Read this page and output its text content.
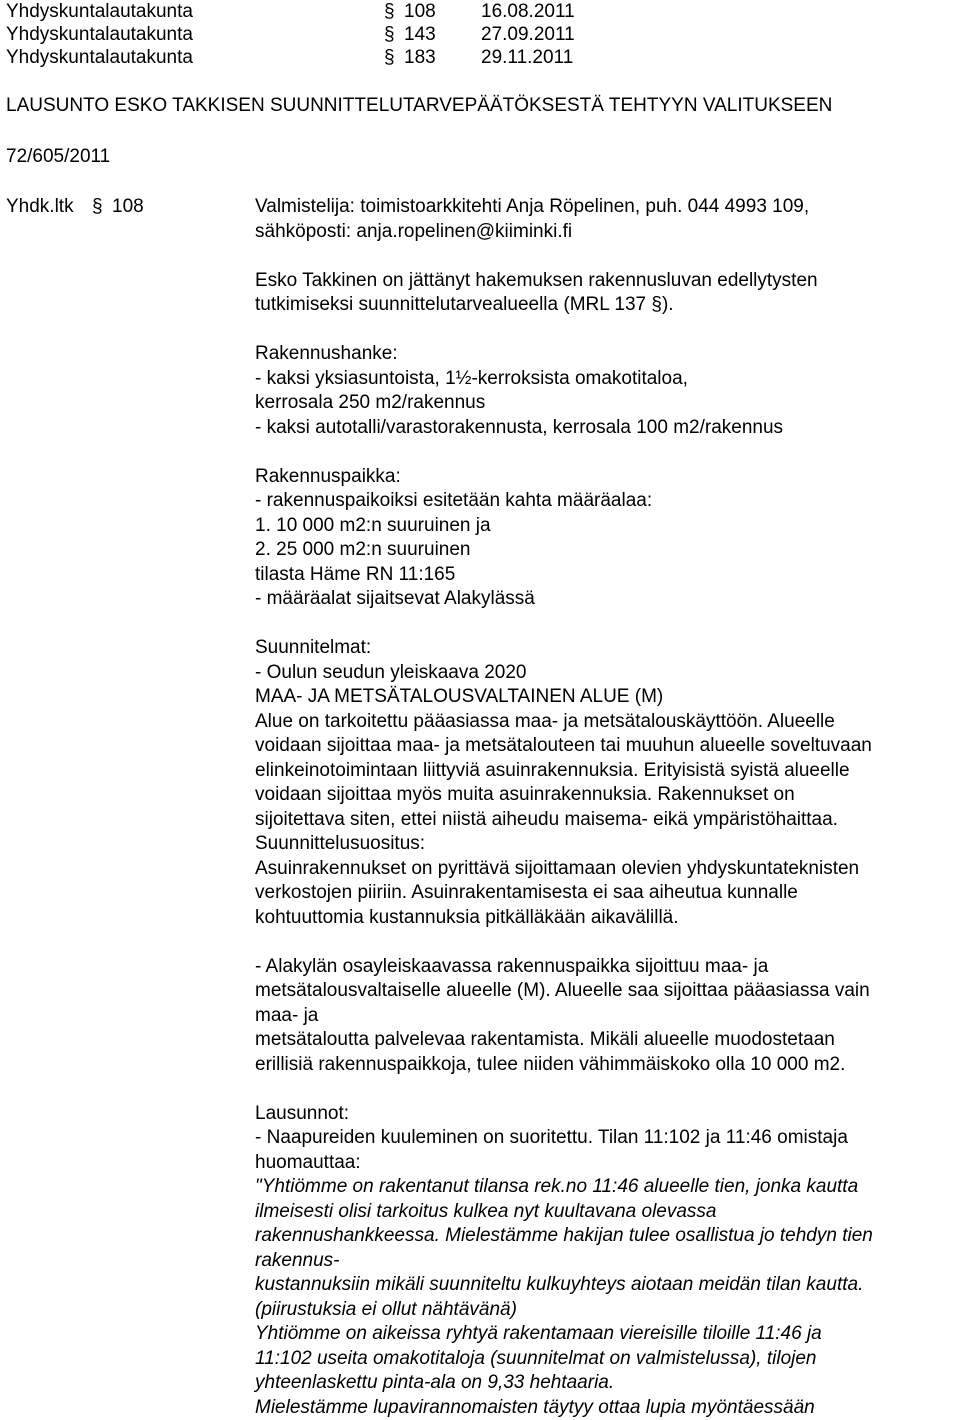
Yhdyskuntalautakunta	§ 108 16.08.2011
Yhdyskuntalautakunta	§ 143 27.09.2011
Yhdyskuntalautakunta	§ 183 29.11.2011
LAUSUNTO ESKO TAKKISEN SUUNNITTELUTARVEPÄÄTÖKSESTÄ TEHTYYN VALITUKSEEN
72/605/2011
Yhdk.ltk § 108	Valmistelija: toimistoarkkitehti Anja Röpelinen, puh. 044 4993 109,

sähköposti: anja.ropelinen@kiiminki.fi

Esko Takkinen on jättänyt hakemuksen rakennusluvan edellytysten

tutkimiseksi suunnittelutarvealueella (MRL 137 §).

Rakennushanke:

- kaksi yksiasuntoista, 1½-kerroksista omakotitaloa,

kerrosala 250 m2/rakennus

- kaksi autotalli/varastorakennusta, kerrosala 100 m2/rakennus

Rakennuspaikka:

- rakennuspaikoiksi esitetään kahta määräalaa:

1. 10 000 m2:n suuruinen ja

2. 25 000 m2:n suuruinen

tilasta Häme RN 11:165

- määräalat sijaitsevat Alakylässä

Suunnitelmat:

- Oulun seudun yleiskaava 2020

MAA- JA METSÄTALOUSVALTAINEN ALUE (M)

Alue on tarkoitettu pääasiassa maa- ja metsätalouskäyttöön. Alueelle

voidaan sijoittaa maa- ja metsätalouteen tai muuhun alueelle soveltuvaan

elinkeinotoimintaan liittyviä asuinrakennuksia. Erityisistä syistä alueelle

voidaan sijoittaa myös muita asuinrakennuksia. Rakennukset on

sijoitettava siten, ettei niistä aiheudu maisema- eikä ympäristöhaittaa.

Suunnittelusuositus:

Asuinrakennukset on pyrittävä sijoittamaan olevien yhdyskuntateknisten

verkostojen piiriin. Asuinrakentamisesta ei saa aiheutua kunnalle

kohtuuttomia kustannuksia pitkälläkään aikavälillä.

- Alakylän osayleiskaavassa rakennuspaikka sijoittuu maa- ja

metsätalousvaltaiselle alueelle (M). Alueelle saa sijoittaa pääasiassa vain

maa- ja

metsätaloutta palvelevaa rakentamista. Mikäli alueelle muodostetaan

erillisiä rakennuspaikkoja, tulee niiden vähimmäiskoko olla 10 000 m2.

Lausunnot:

- Naapureiden kuuleminen on suoritettu. Tilan 11:102 ja 11:46 omistaja

huomauttaa:

"Yhtiömme on rakentanut tilansa rek.no 11:46 alueelle tien, jonka kautta

ilmeisesti olisi tarkoitus kulkea nyt kuultavana olevassa

rakennushankkeessa. Mielestämme hakijan tulee osallistua jo tehdyn tien

rakennus-

kustannuksiin mikäli suunniteltu kulkuyhteys aiotaan meidän tilan kautta.

(piirustuksia ei ollut nähtävänä)

Yhtiömme on aikeissa ryhtyä rakentamaan viereisille tiloille 11:46 ja

11:102 useita omakotitaloja (suunnitelmat on valmistelussa), tilojen

yhteenlaskettu pinta-ala on 9,33 hehtaaria.

Mielestämme lupavirannomaisten täytyy ottaa lupia myöntäessään
